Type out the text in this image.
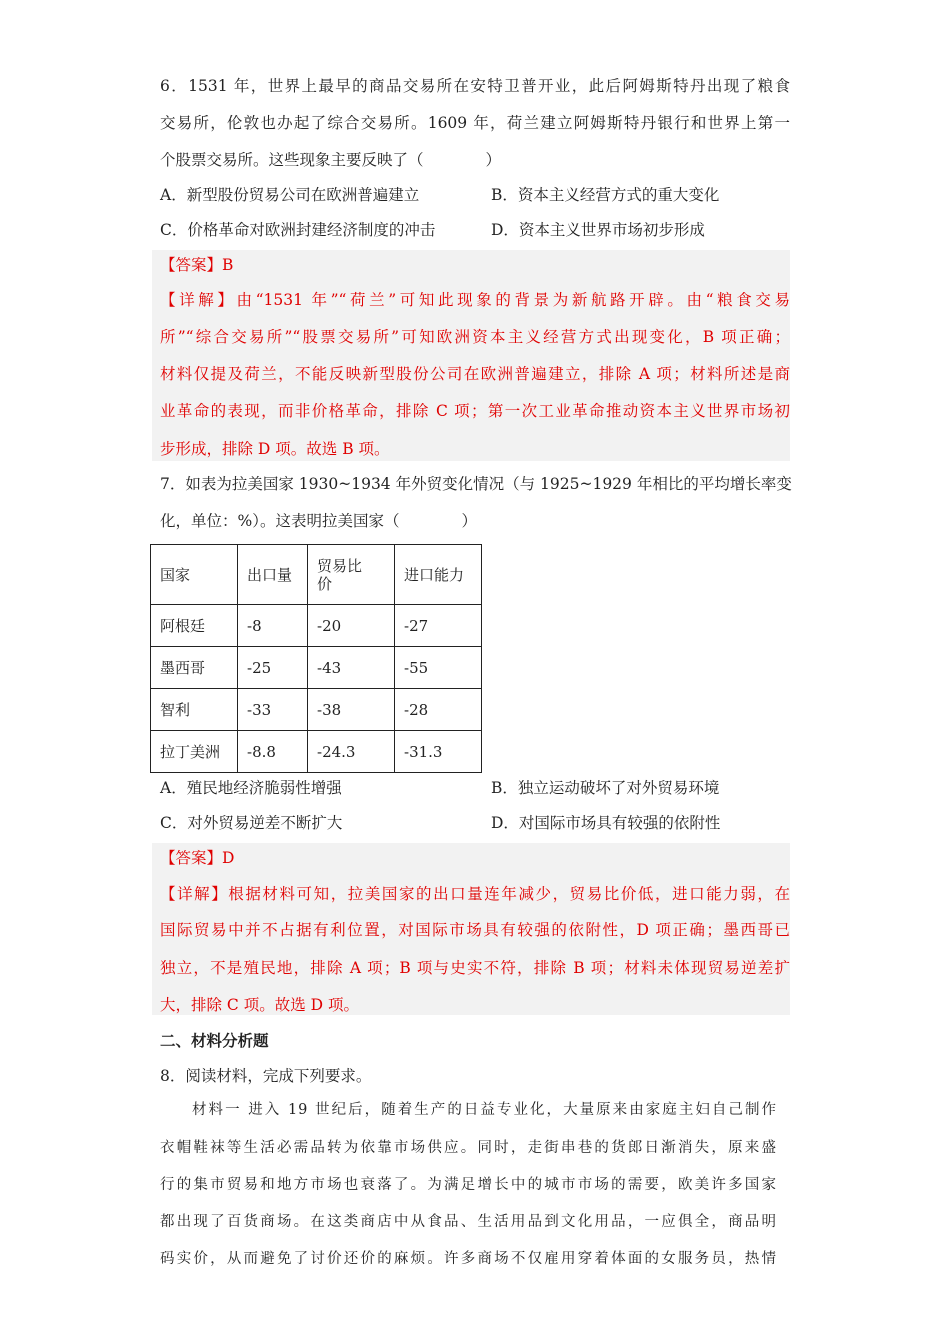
6．1531 年，世界上最早的商品交易所在安特卫普开业，此后阿姆斯特丹出现了粮食
交易所，伦敦也办起了综合交易所。1609 年，荷兰建立阿姆斯特丹银行和世界上第一
个股票交易所。这些现象主要反映了（　　　　）
A．新型股份贸易公司在欧洲普遍建立	B．资本主义经营方式的重大变化
C．价格革命对欧洲封建经济制度的冲击	D．资本主义世界市场初步形成
【答案】B
【详解】由“1531 年”“荷兰”可知此现象的背景为新航路开辟。由“粮食交易
所”“综合交易所”“股票交易所”可知欧洲资本主义经营方式出现变化，B 项正确；
材料仅提及荷兰，不能反映新型股份公司在欧洲普遍建立，排除 A 项；材料所述是商
业革命的表现，而非价格革命，排除 C 项；第一次工业革命推动资本主义世界市场初
步形成，排除 D 项。故选 B 项。
7．如表为拉美国家 1930~1934 年外贸变化情况（与 1925~1929 年相比的平均增长率变
化，单位：%）。这表明拉美国家（　　　　）
国家	出口量	贸易比价	进口能力
阿根廷	-8	-20	-27
墨西哥	-25	-43	-55
智利	-33	-38	-28
拉丁美洲	-8.8	-24.3	-31.3
A．殖民地经济脆弱性增强	B．独立运动破坏了对外贸易环境
C．对外贸易逆差不断扩大	D．对国际市场具有较强的依附性
【答案】D
【详解】根据材料可知，拉美国家的出口量连年减少，贸易比价低，进口能力弱，在
国际贸易中并不占据有利位置，对国际市场具有较强的依附性，D 项正确；墨西哥已
独立，不是殖民地，排除 A 项；B 项与史实不符，排除 B 项；材料未体现贸易逆差扩
大，排除 C 项。故选 D 项。
二、材料分析题
8．阅读材料，完成下列要求。
材料一 进入 19 世纪后，随着生产的日益专业化，大量原来由家庭主妇自己制作
衣帽鞋袜等生活必需品转为依靠市场供应。同时，走街串巷的货郎日渐消失，原来盛
行的集市贸易和地方市场也衰落了。为满足增长中的城市市场的需要，欧美许多国家
都出现了百货商场。在这类商店中从食品、生活用品到文化用品，一应俱全，商品明
码实价，从而避免了讨价还价的麻烦。许多商场不仅雇用穿着体面的女服务员，热情
